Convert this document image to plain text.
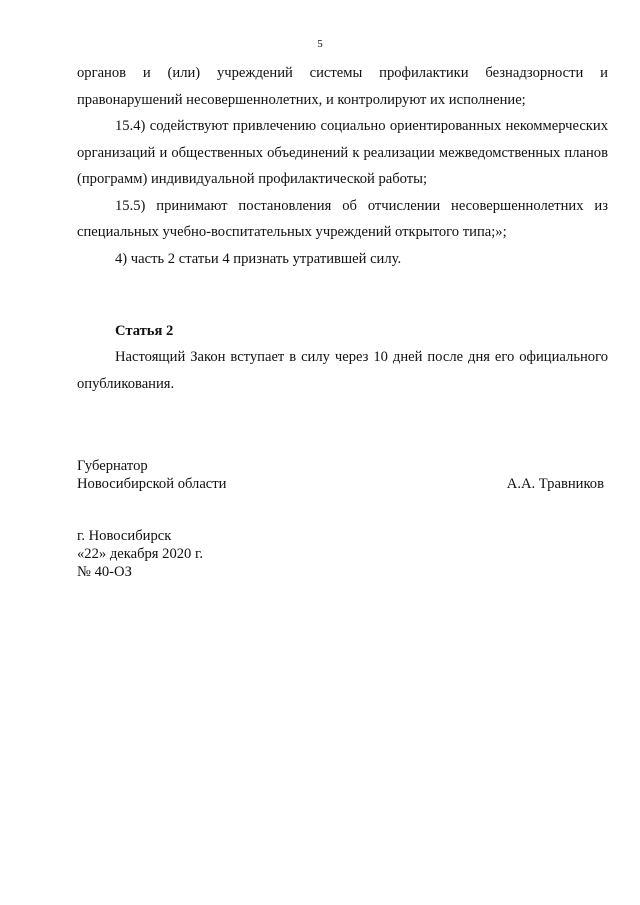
5

органов и (или) учреждений системы профилактики безнадзорности и правонарушений несовершеннолетних, и контролируют их исполнение;

15.4) содействуют привлечению социально ориентированных некоммерческих организаций и общественных объединений к реализации межведомственных планов (программ) индивидуальной профилактической работы;

15.5) принимают постановления об отчислении несовершеннолетних из специальных учебно-воспитательных учреждений открытого типа;»;

4) часть 2 статьи 4 признать утратившей силу.

Статья 2

Настоящий Закон вступает в силу через 10 дней после дня его официального опубликования.

Губернатор
Новосибирской области	А.А. Травников
г. Новосибирск
«22» декабря 2020 г.
№ 40-ОЗ
